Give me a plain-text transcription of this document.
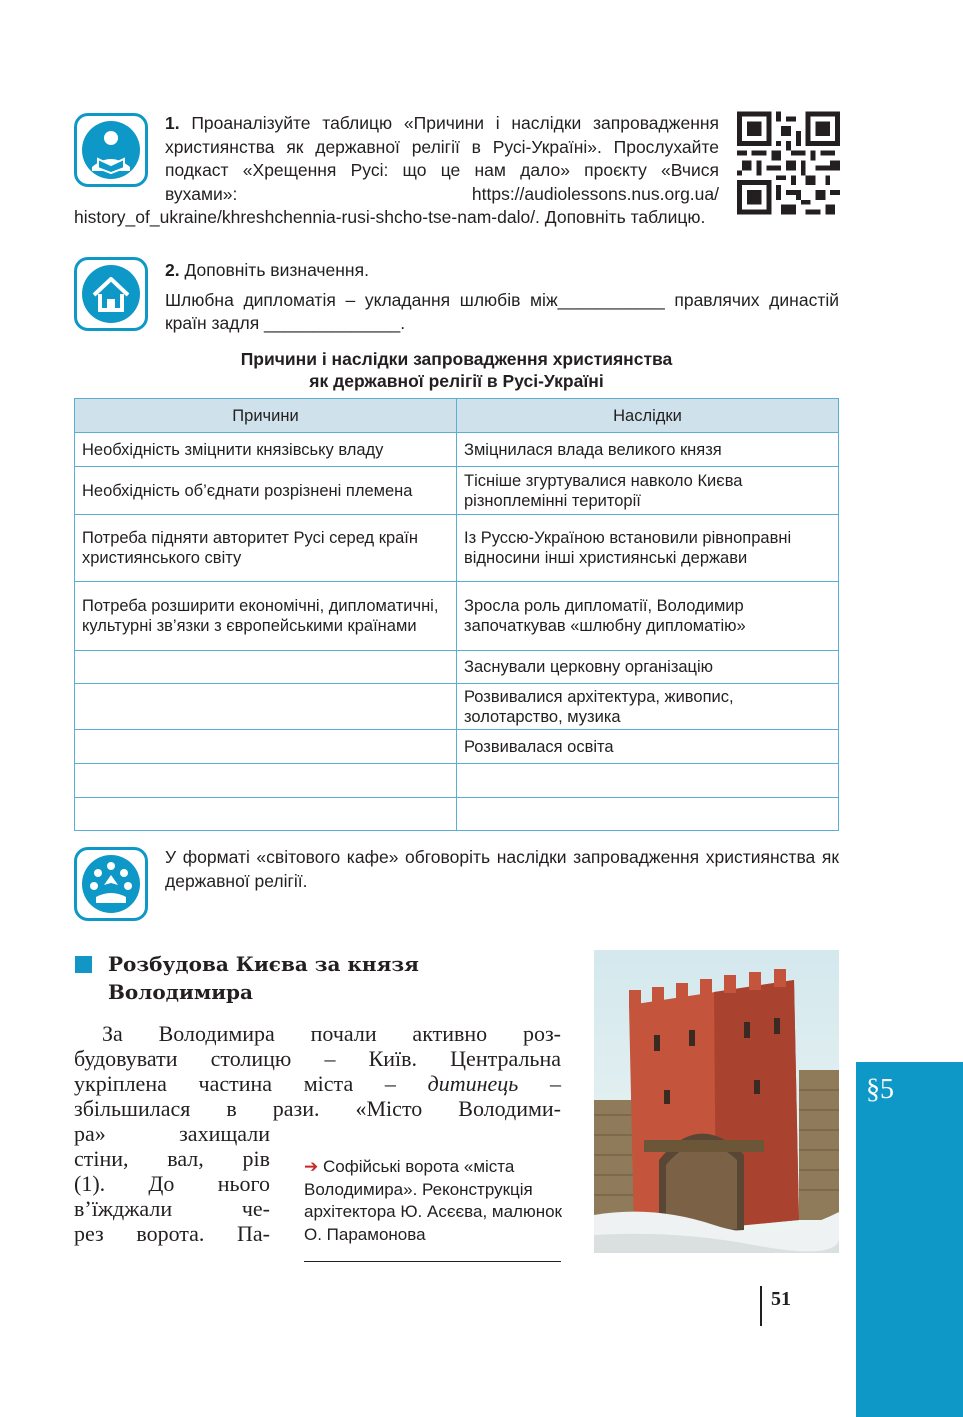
1. Проаналізуйте таблицю «Причини і наслідки запровадження християнства як державної релігії в Русі-Україні». Прослухайте подкаст «Хрещення Русі: що це нам дало» проєкту «Вчися вухами»: https://audiolessons.nus.org.ua/ history_of_ukraine/khreshchennia-rusi-shcho-tse-nam-dalo/. Доповніть таблицю.
2. Доповніть визначення.
Шлюбна дипломатія – укладання шлюбів між___________ правлячих династій країн задля ______________.
Причини і наслідки запровадження християнства
як державної релігії в Русі-Україні
Причини	Наслідки
Необхідність зміцнити князівську владу	Зміцнилася влада великого князя
Необхідність об’єднати розрізнені племена	Тісніше згуртувалися навколо Києва різноплемінні території
Потреба підняти авторитет Русі серед країн християнського світу	Із Руссю-Україною встановили рівноправні відносини інші християнські держави
Потреба розширити економічні, дипломатичні, культурні зв’язки з європейськими країнами	Зросла роль дипломатії, Володимир започаткував «шлюбну дипломатію»
	Заснували церковну організацію
	Розвивалися архітектура, живопис, золотарство, музика
	Розвивалася освіта

У форматі «світового кафе» обговоріть наслідки запровадження християнства як державної релігії.
Розбудова Києва за князя Володимира
За Володимира почали активно роз-
будовувати столицю – Київ. Центральна
укріплена частина міста – дитинець –
збільшилася в рази. «Місто Володими-
ра» захищали
стіни, вал, рів
(1). До нього
в’їжджали че-
рез ворота. Па-
➔ Софійські ворота «міста Володимира». Реконструкція архітектора Ю. Асєєва, малюнок О. Парамонова
§5
51
